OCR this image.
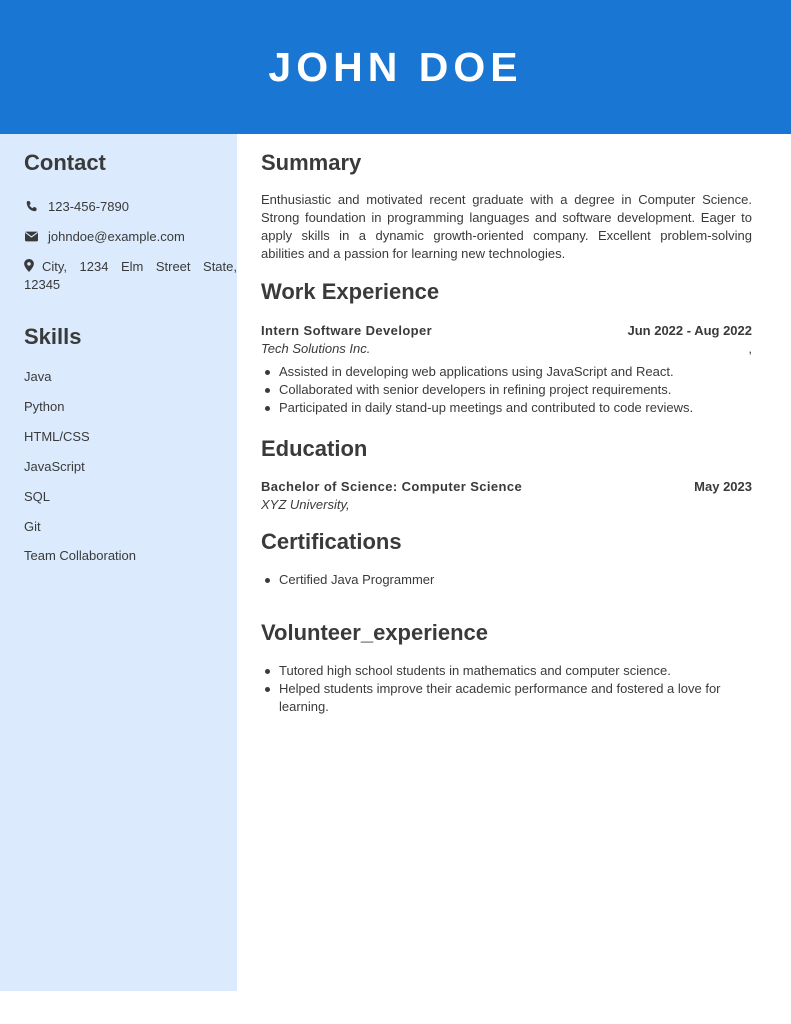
JOHN DOE
Contact
123-456-7890
johndoe@example.com
City, 1234 Elm Street State, 12345
Skills
Java
Python
HTML/CSS
JavaScript
SQL
Git
Team Collaboration
Summary

Enthusiastic and motivated recent graduate with a degree in Computer Science. Strong foundation in programming languages and software development. Eager to apply skills in a dynamic growth-oriented company. Excellent problem-solving abilities and a passion for learning new technologies.

Work Experience
Intern Software Developer	Jun 2022 - Aug 2022
Tech Solutions Inc.	,
Assisted in developing web applications using JavaScript and React.
Collaborated with senior developers in refining project requirements.
Participated in daily stand-up meetings and contributed to code reviews.
Education
Bachelor of Science: Computer Science	May 2023
XYZ University,
Certifications
Certified Java Programmer
Volunteer_experience
Tutored high school students in mathematics and computer science.
Helped students improve their academic performance and fostered a love for learning.
